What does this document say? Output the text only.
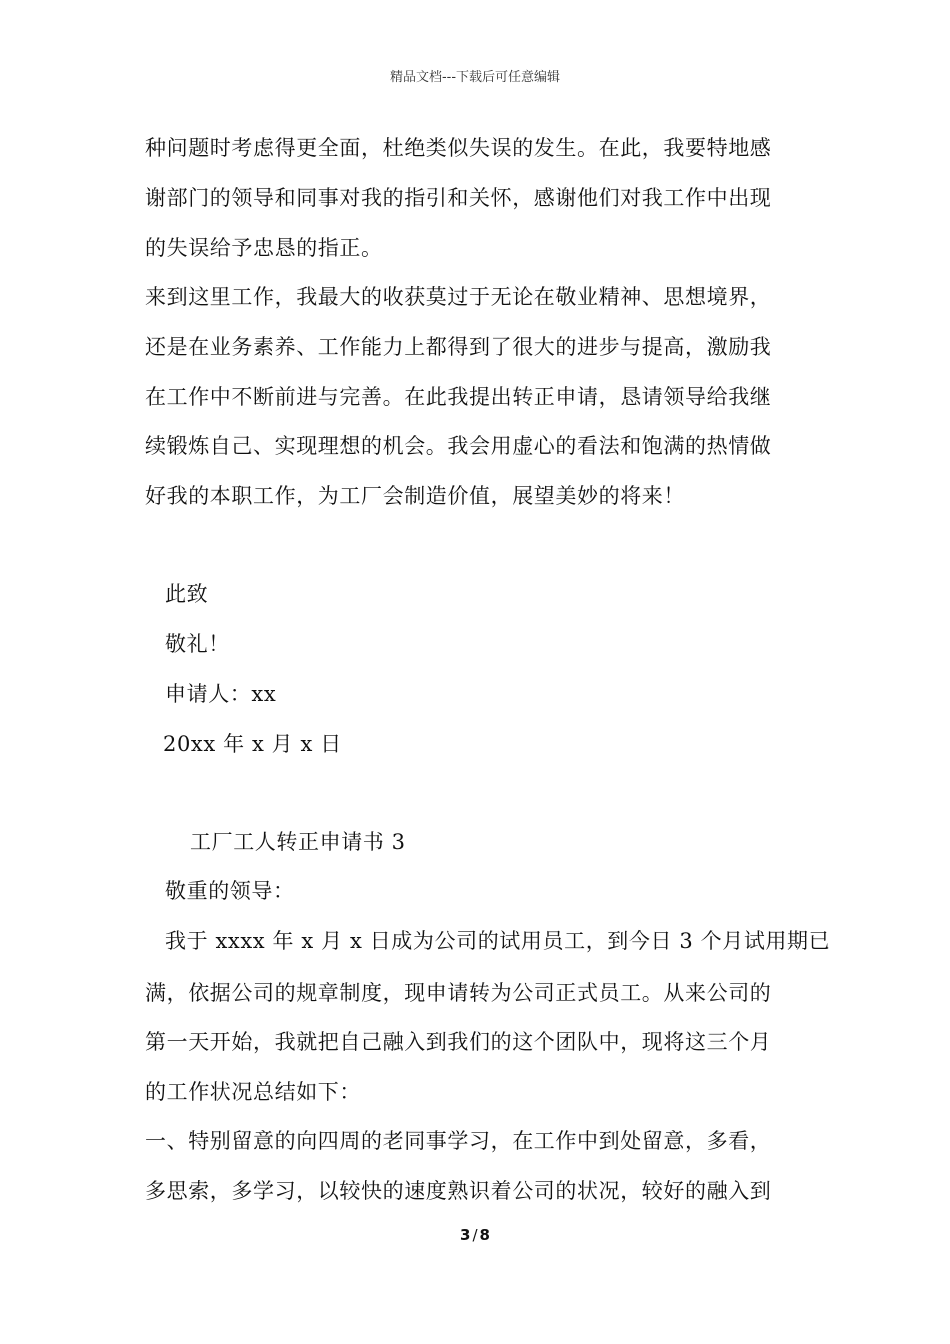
精品文档---下载后可任意编辑
种问题时考虑得更全面，杜绝类似失误的发生。在此，我要特地感
谢部门的领导和同事对我的指引和关怀，感谢他们对我工作中出现
的失误给予忠恳的指正。
来到这里工作，我最大的收获莫过于无论在敬业精神、思想境界，
还是在业务素养、工作能力上都得到了很大的进步与提高，激励我
在工作中不断前进与完善。在此我提出转正申请，恳请领导给我继
续锻炼自己、实现理想的机会。我会用虚心的看法和饱满的热情做
好我的本职工作，为工厂会制造价值，展望美妙的将来！
此致
敬礼！
申请人：xx
20xx 年 x 月 x 日
工厂工人转正申请书 3
敬重的领导：
我于 xxxx 年 x 月 x 日成为公司的试用员工，到今日 3 个月试用期已
满，依据公司的规章制度，现申请转为公司正式员工。从来公司的
第一天开始，我就把自己融入到我们的这个团队中，现将这三个月
的工作状况总结如下：
一、特别留意的向四周的老同事学习，在工作中到处留意，多看，
多思索，多学习，以较快的速度熟识着公司的状况，较好的融入到
3 / 8
